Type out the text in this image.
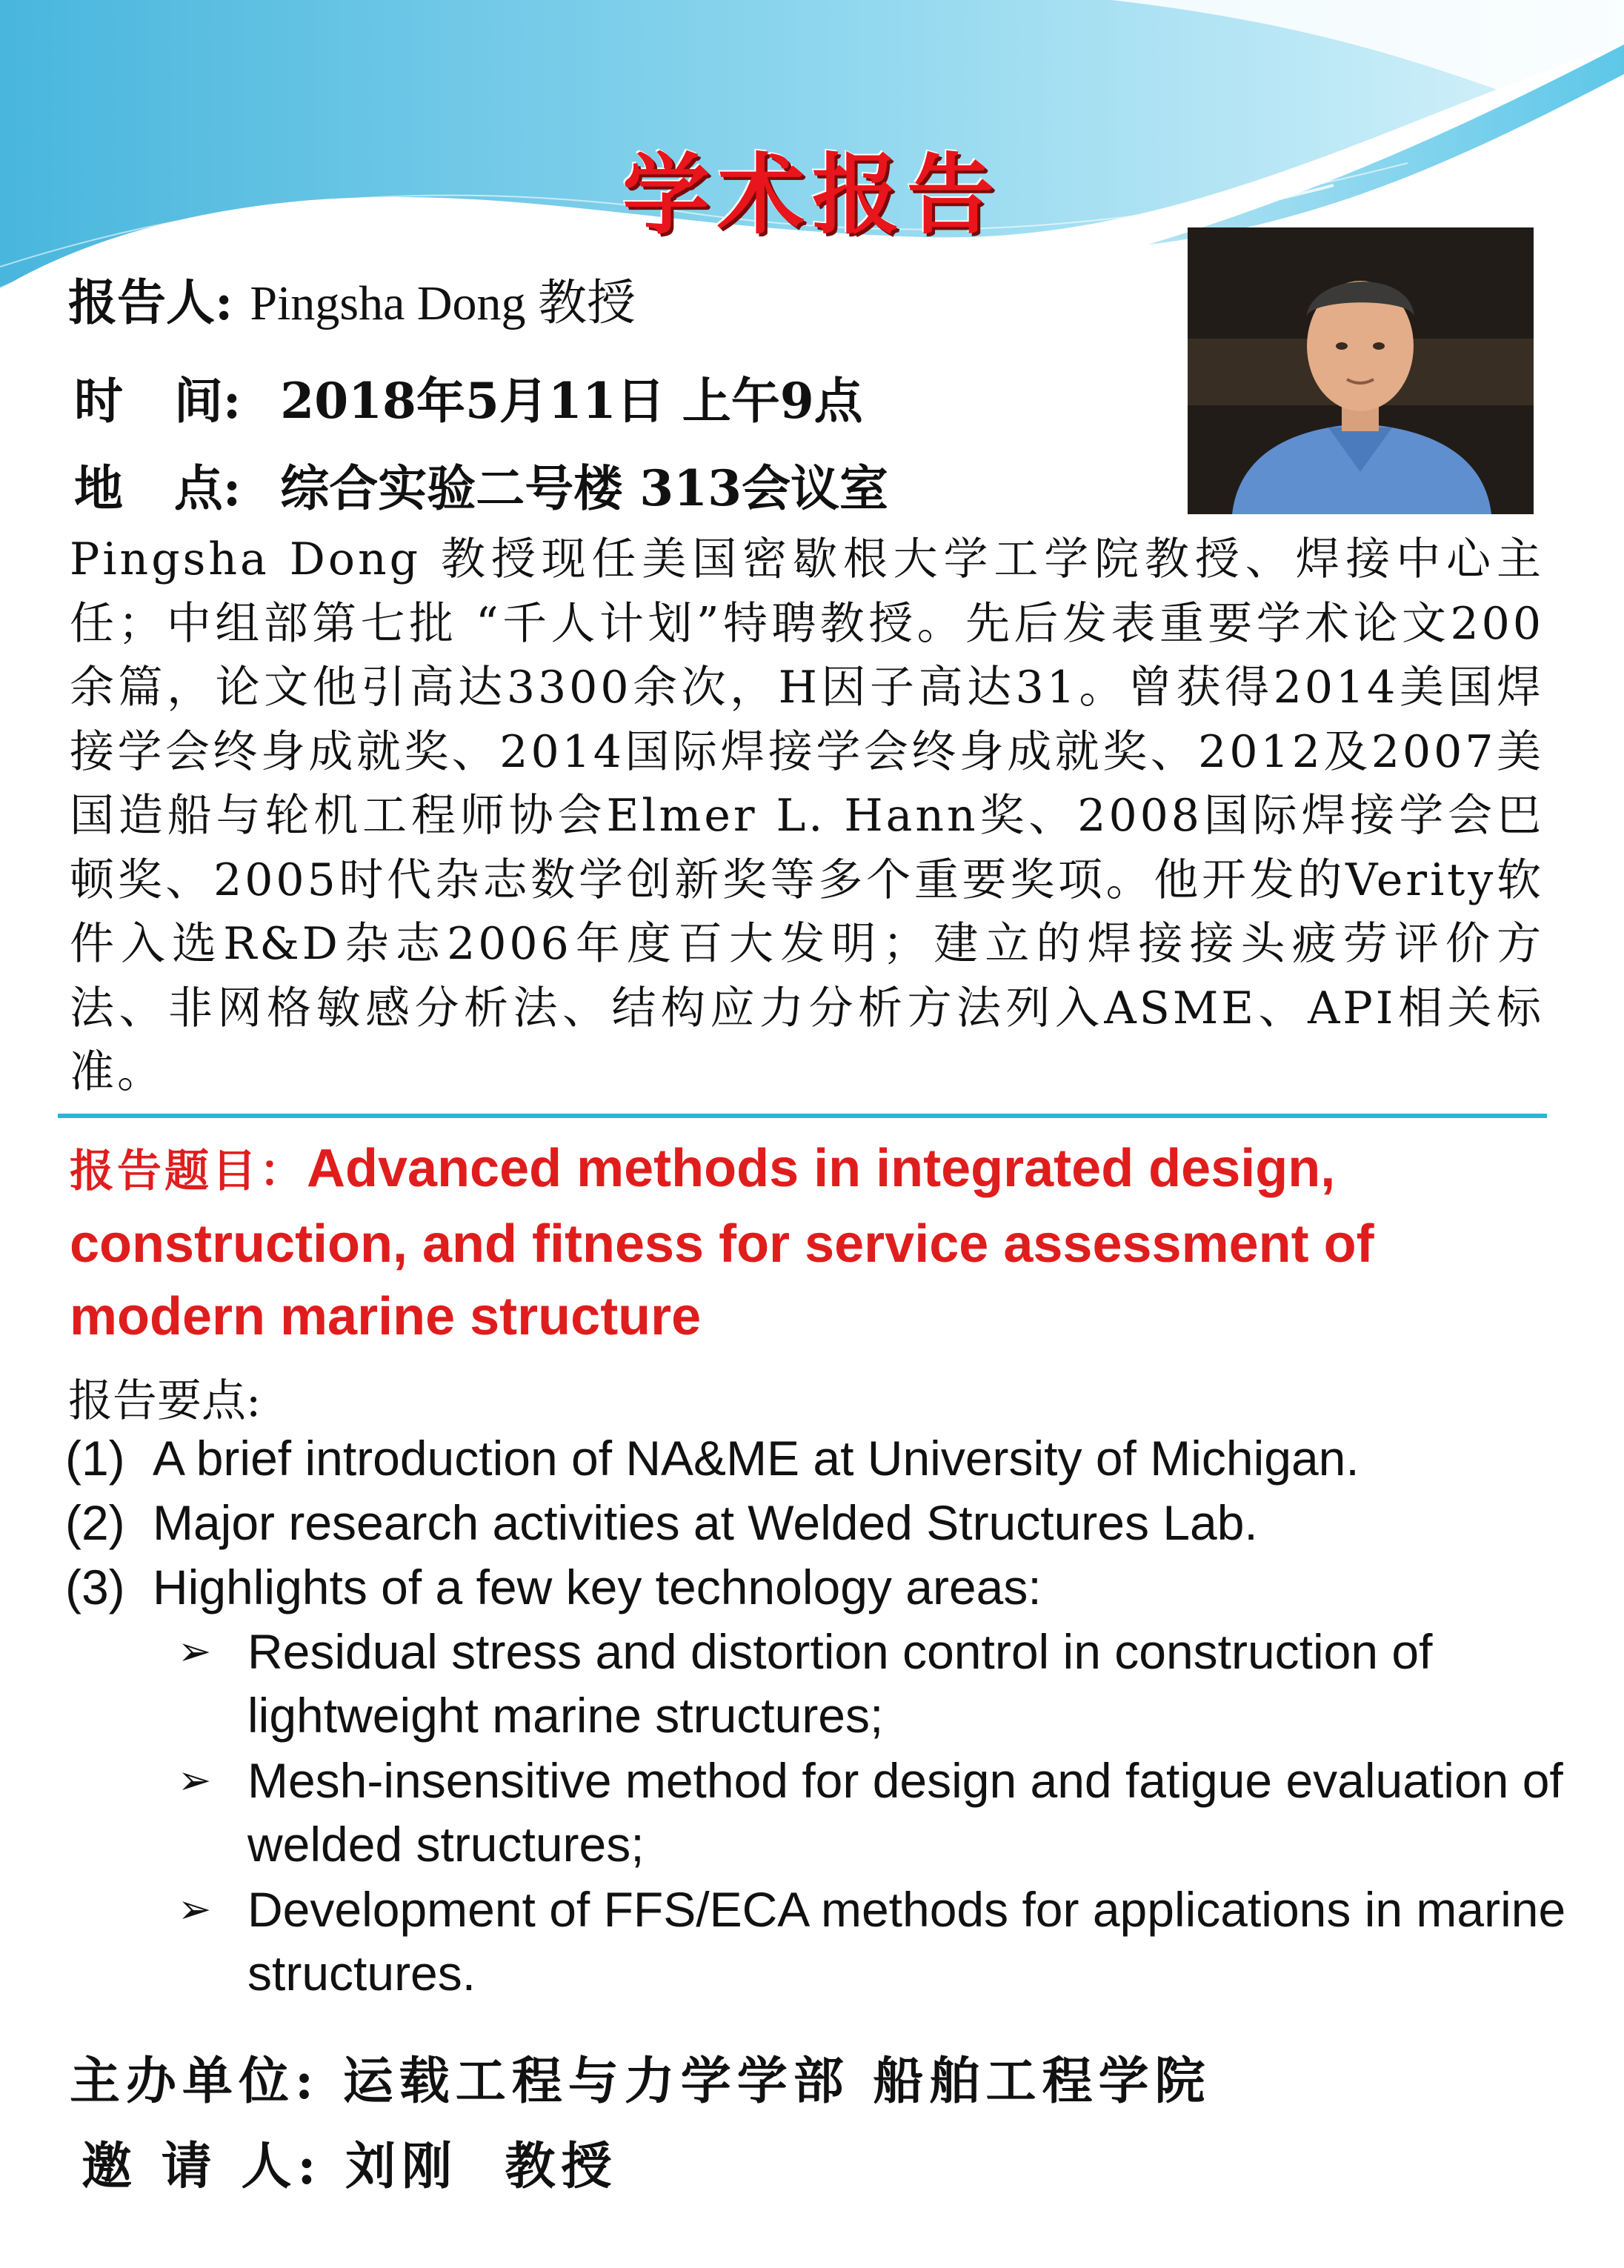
学术报告
报告人: Pingsha Dong 教授
时   间: 2018年5月11日 上午9点
地   点: 综合实验二号楼 313会议室
Pingsha Dong 教授现任美国密歇根大学工学院教授、焊接中心主任；中组部第七批 “千人计划”特聘教授。先后发表重要学术论文200余篇，论文他引高达3300余次，H因子高达31。曾获得2014美国焊接学会终身成就奖、2014国际焊接学会终身成就奖、2012及2007美国造船与轮机工程师协会Elmer L. Hann奖、2008国际焊接学会巴顿奖、2005时代杂志数学创新奖等多个重要奖项。他开发的Verity软件入选R&D杂志2006年度百大发明；建立的焊接接头疲劳评价方法、非网格敏感分析法、结构应力分析方法列入ASME、API相关标准。
报告题目：Advanced methods in integrated design, construction, and fitness for service assessment of modern marine structure
报告要点:
(1) A brief introduction of NA&ME at University of Michigan.
(2) Major research activities at Welded Structures Lab.
(3) Highlights of a few key technology areas:
➢ Residual stress and distortion control in construction of lightweight marine structures;
➢ Mesh-insensitive method for design and fatigue evaluation of welded structures;
➢ Development of FFS/ECA methods for applications in marine structures.
主办单位: 运载工程与力学学部 船舶工程学院
邀 请 人: 刘刚  教授
